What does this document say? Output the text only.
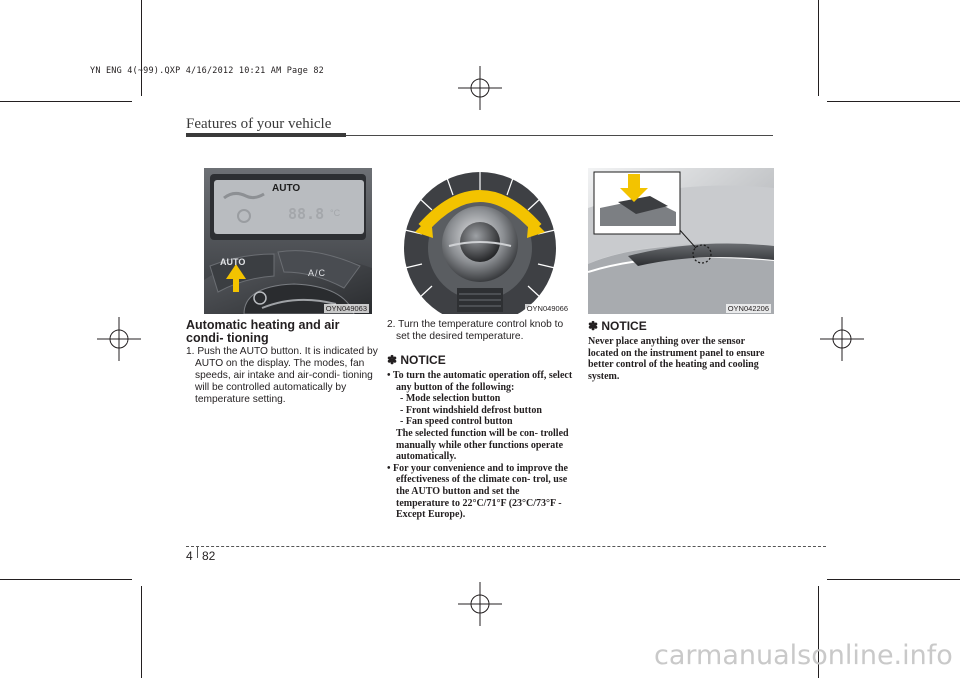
YN ENG 4(~99).QXP 4/16/2012 10:21 AM Page 82
Features of your vehicle
AUTO
88.8 °C
AUTO
A/C
OYN049063	OYN049066	OYN042206
Automatic heating and air condi- tioning
1. Push the AUTO button. It is indicated by AUTO on the display. The modes, fan speeds, air intake and air-condi- tioning will be controlled automatically by temperature setting.
2. Turn the temperature control knob to set the desired temperature.
✽ NOTICE
• To turn the automatic operation off, select any button of the following:
- Mode selection button
- Front windshield defrost button
- Fan speed control button
The selected function will be con- trolled manually while other functions operate automatically.
• For your convenience and to improve the effectiveness of the climate con- trol, use the AUTO button and set the temperature to 22°C/71°F (23°C/73°F -Except Europe).
✽ NOTICE
Never place anything over the sensor located on the instrument panel to ensure better control of the heating and cooling system.
4 82
carmanualsonline.info
